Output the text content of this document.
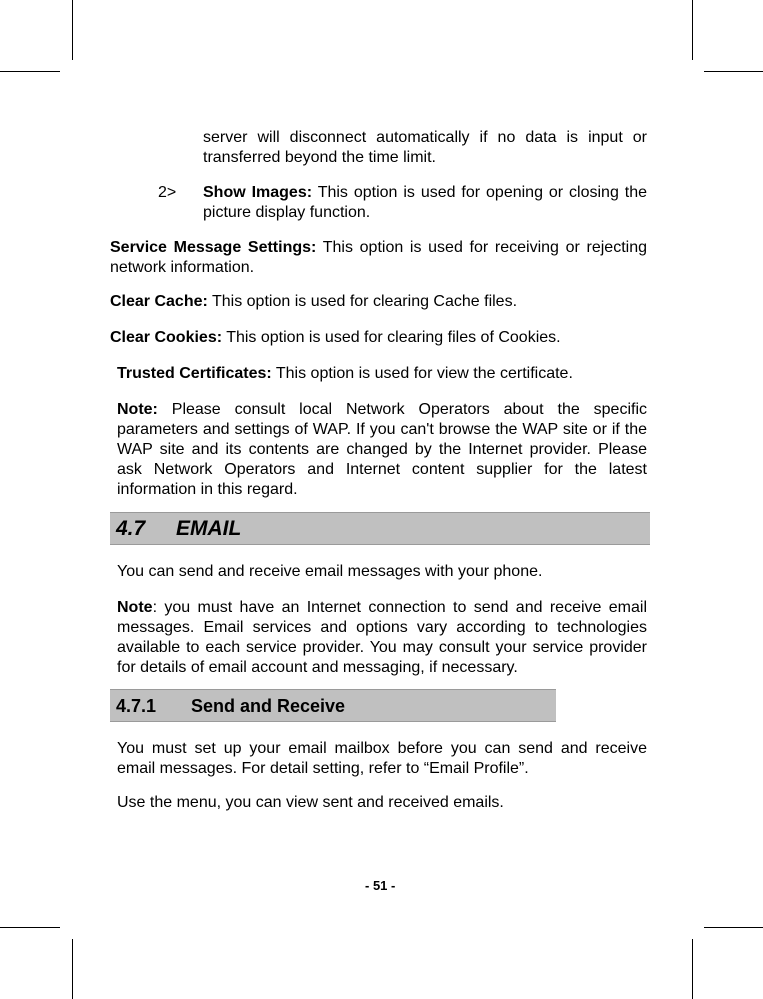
server will disconnect automatically if no data is input or transferred beyond the time limit.

2> Show Images: This option is used for opening or closing the picture display function.

Service Message Settings: This option is used for receiving or rejecting network information.

Clear Cache: This option is used for clearing Cache files.

Clear Cookies: This option is used for clearing files of Cookies.

Trusted Certificates: This option is used for view the certificate.

Note: Please consult local Network Operators about the specific parameters and settings of WAP. If you can't browse the WAP site or if the WAP site and its contents are changed by the Internet provider. Please ask Network Operators and Internet content supplier for the latest information in this regard.

4.7 EMAIL

You can send and receive email messages with your phone.

Note: you must have an Internet connection to send and receive email messages. Email services and options vary according to technologies available to each service provider. You may consult your service provider for details of email account and messaging, if necessary.

4.7.1 Send and Receive

You must set up your email mailbox before you can send and receive email messages. For detail setting, refer to “Email Profile”.

Use the menu, you can view sent and received emails.

- 51 -
